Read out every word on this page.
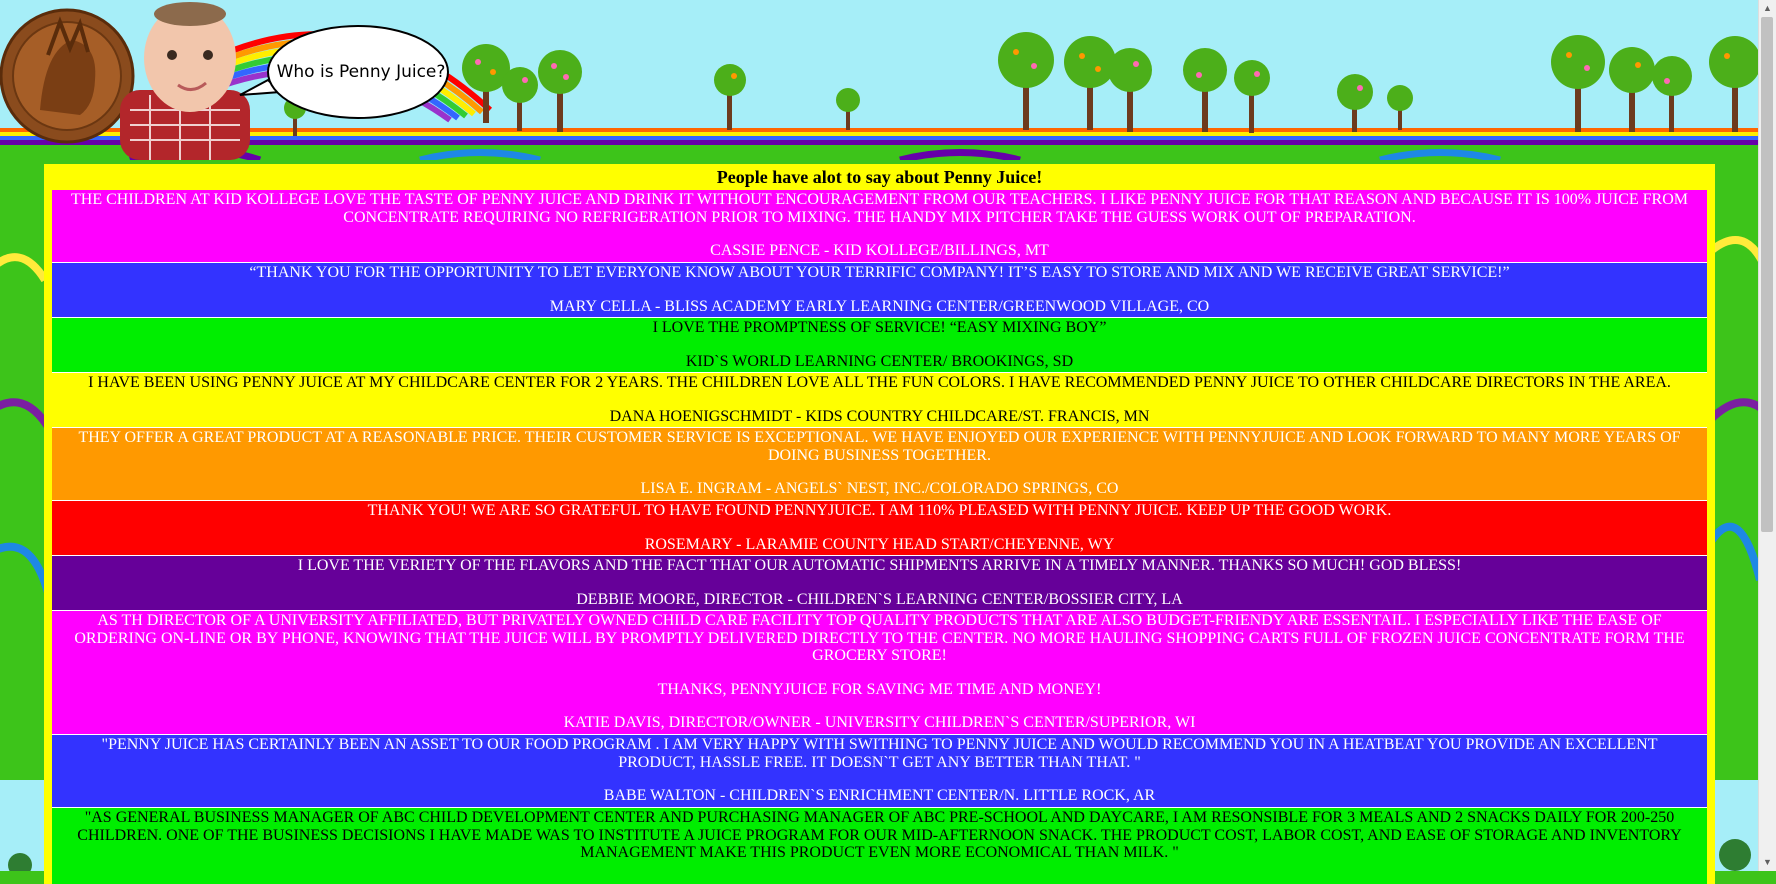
Who is Penny Juice?
People have alot to say about Penny Juice!

THE CHILDREN AT KID KOLLEGE LOVE THE TASTE OF PENNY JUICE AND DRINK IT WITHOUT ENCOURAGEMENT FROM OUR TEACHERS. I LIKE PENNY JUICE FOR THAT REASON AND BECAUSE IT IS 100% JUICE FROM CONCENTRATE REQUIRING NO REFRIGERATION PRIOR TO MIXING. THE HANDY MIX PITCHER TAKE THE GUESS WORK OUT OF PREPARATION.

CASSIE PENCE - KID KOLLEGE/BILLINGS, MT

“THANK YOU FOR THE OPPORTUNITY TO LET EVERYONE KNOW ABOUT YOUR TERRIFIC COMPANY! IT’S EASY TO STORE AND MIX AND WE RECEIVE GREAT SERVICE!”

MARY CELLA - BLISS ACADEMY EARLY LEARNING CENTER/GREENWOOD VILLAGE, CO

I LOVE THE PROMPTNESS OF SERVICE! “EASY MIXING BOY”

KID`S WORLD LEARNING CENTER/ BROOKINGS, SD

I HAVE BEEN USING PENNY JUICE AT MY CHILDCARE CENTER FOR 2 YEARS. THE CHILDREN LOVE ALL THE FUN COLORS. I HAVE RECOMMENDED PENNY JUICE TO OTHER CHILDCARE DIRECTORS IN THE AREA.

DANA HOENIGSCHMIDT - KIDS COUNTRY CHILDCARE/ST. FRANCIS, MN

THEY OFFER A GREAT PRODUCT AT A REASONABLE PRICE. THEIR CUSTOMER SERVICE IS EXCEPTIONAL. WE HAVE ENJOYED OUR EXPERIENCE WITH PENNYJUICE AND LOOK FORWARD TO MANY MORE YEARS OF DOING BUSINESS TOGETHER.

LISA E. INGRAM - ANGELS` NEST, INC./COLORADO SPRINGS, CO

THANK YOU! WE ARE SO GRATEFUL TO HAVE FOUND PENNYJUICE. I AM 110% PLEASED WITH PENNY JUICE. KEEP UP THE GOOD WORK.

ROSEMARY - LARAMIE COUNTY HEAD START/CHEYENNE, WY

I LOVE THE VERIETY OF THE FLAVORS AND THE FACT THAT OUR AUTOMATIC SHIPMENTS ARRIVE IN A TIMELY MANNER. THANKS SO MUCH! GOD BLESS!

DEBBIE MOORE, DIRECTOR - CHILDREN`S LEARNING CENTER/BOSSIER CITY, LA

AS TH DIRECTOR OF A UNIVERSITY AFFILIATED, BUT PRIVATELY OWNED CHILD CARE FACILITY TOP QUALITY PRODUCTS THAT ARE ALSO BUDGET-FRIENDY ARE ESSENTAIL. I ESPECIALLY LIKE THE EASE OF ORDERING ON-LINE OR BY PHONE, KNOWING THAT THE JUICE WILL BY PROMPTLY DELIVERED DIRECTLY TO THE CENTER. NO MORE HAULING SHOPPING CARTS FULL OF FROZEN JUICE CONCENTRATE FORM THE GROCERY STORE!

THANKS, PENNYJUICE FOR SAVING ME TIME AND MONEY!

KATIE DAVIS, DIRECTOR/OWNER - UNIVERSITY CHILDREN`S CENTER/SUPERIOR, WI

"PENNY JUICE HAS CERTAINLY BEEN AN ASSET TO OUR FOOD PROGRAM . I AM VERY HAPPY WITH SWITHING TO PENNY JUICE AND WOULD RECOMMEND YOU IN A HEATBEAT YOU PROVIDE AN EXCELLENT PRODUCT, HASSLE FREE. IT DOESN`T GET ANY BETTER THAN THAT. "

BABE WALTON - CHILDREN`S ENRICHMENT CENTER/N. LITTLE ROCK, AR

"AS GENERAL BUSINESS MANAGER OF ABC CHILD DEVELOPMENT CENTER AND PURCHASING MANAGER OF ABC PRE-SCHOOL AND DAYCARE, I AM RESONSIBLE FOR 3 MEALS AND 2 SNACKS DAILY FOR 200-250 CHILDREN. ONE OF THE BUSINESS DECISIONS I HAVE MADE WAS TO INSTITUTE A JUICE PROGRAM FOR OUR MID-AFTERNOON SNACK. THE PRODUCT COST, LABOR COST, AND EASE OF STORAGE AND INVENTORY MANAGEMENT MAKE THIS PRODUCT EVEN MORE ECONOMICAL THAN MILK. "

▲
▼
